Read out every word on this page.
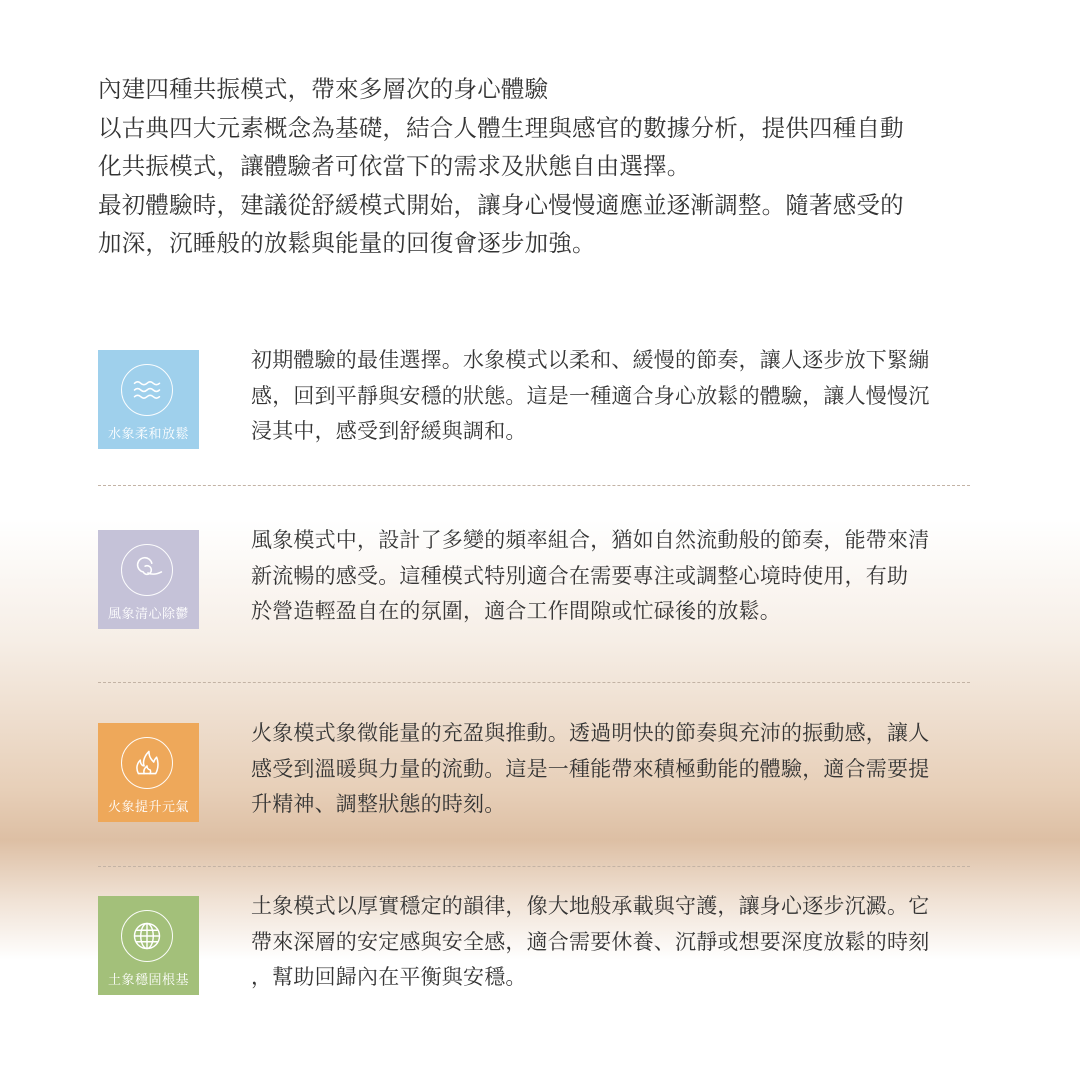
內建四種共振模式，帶來多層次的身心體驗

以古典四大元素概念為基礎，結合人體生理與感官的數據分析，提供四種自動

化共振模式，讓體驗者可依當下的需求及狀態自由選擇。

最初體驗時，建議從舒緩模式開始，讓身心慢慢適應並逐漸調整。隨著感受的

加深，沉睡般的放鬆與能量的回復會逐步加強。

水象柔和放鬆
初期體驗的最佳選擇。水象模式以柔和、緩慢的節奏，讓人逐步放下緊繃
感，回到平靜與安穩的狀態。這是一種適合身心放鬆的體驗，讓人慢慢沉
浸其中，感受到舒緩與調和。
風象清心除鬱
風象模式中，設計了多變的頻率組合，猶如自然流動般的節奏，能帶來清
新流暢的感受。這種模式特別適合在需要專注或調整心境時使用，有助
於營造輕盈自在的氛圍，適合工作間隙或忙碌後的放鬆。
火象提升元氣
火象模式象徵能量的充盈與推動。透過明快的節奏與充沛的振動感，讓人
感受到溫暖與力量的流動。這是一種能帶來積極動能的體驗，適合需要提
升精神、調整狀態的時刻。
土象穩固根基
土象模式以厚實穩定的韻律，像大地般承載與守護，讓身心逐步沉澱。它
帶來深層的安定感與安全感，適合需要休養、沉靜或想要深度放鬆的時刻
，幫助回歸內在平衡與安穩。
